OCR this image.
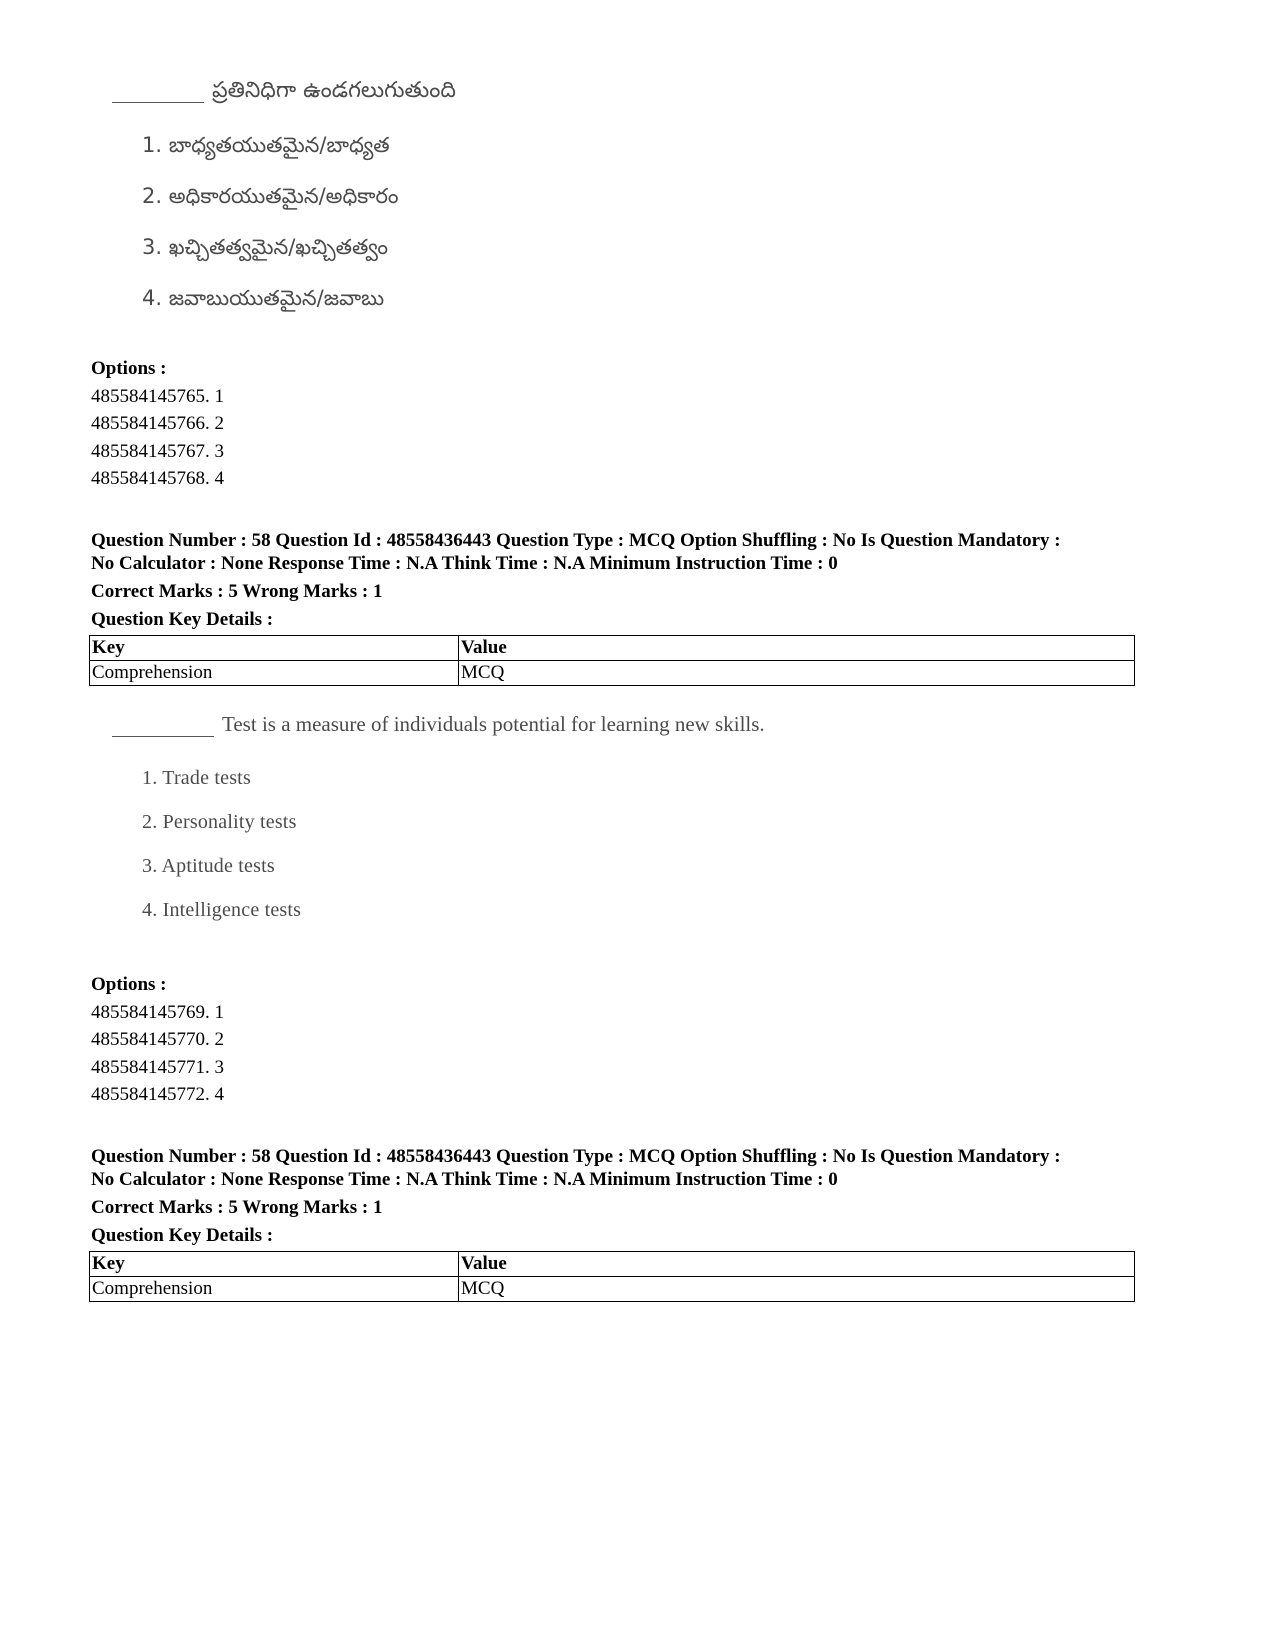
ప్రతినిధిగా ఉండగలుగుతుంది
1. బాధ్యతయుతమైన/బాధ్యత
2. అధికారయుతమైన/అధికారం
3. ఖచ్చితత్వమైన/ఖచ్చితత్వం
4. జవాబుయుతమైన/జవాబు
Options :
485584145765. 1
485584145766. 2
485584145767. 3
485584145768. 4
Question Number : 58 Question Id : 48558436443 Question Type : MCQ Option Shuffling : No Is Question Mandatory :
No Calculator : None Response Time : N.A Think Time : N.A Minimum Instruction Time : 0
Correct Marks : 5 Wrong Marks : 1
Question Key Details :
Key	Value
Comprehension	MCQ
Test is a measure of individuals potential for learning new skills.
1. Trade tests
2. Personality tests
3. Aptitude tests
4. Intelligence tests
Options :
485584145769. 1
485584145770. 2
485584145771. 3
485584145772. 4
Question Number : 58 Question Id : 48558436443 Question Type : MCQ Option Shuffling : No Is Question Mandatory :
No Calculator : None Response Time : N.A Think Time : N.A Minimum Instruction Time : 0
Correct Marks : 5 Wrong Marks : 1
Question Key Details :
Key	Value
Comprehension	MCQ
